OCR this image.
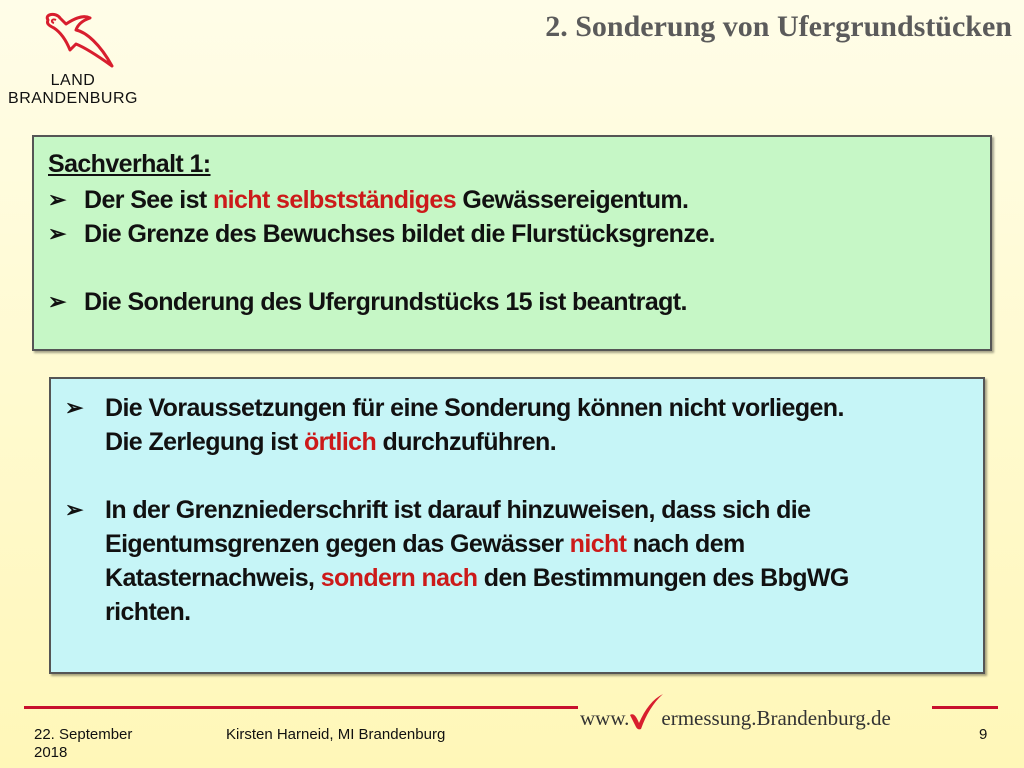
LAND
BRANDENBURG
2. Sonderung von Ufergrundstücken
Sachverhalt 1:
➢ Der See ist nicht selbstständiges Gewässereigentum.
➢ Die Grenze des Bewuchses bildet die Flurstücksgrenze.
➢ Die Sonderung des Ufergrundstücks 15 ist beantragt.
➢ Die Voraussetzungen für eine Sonderung können nicht vorliegen.
Die Zerlegung ist örtlich durchzuführen.
➢ In der Grenzniederschrift ist darauf hinzuweisen, dass sich die
Eigentumsgrenzen gegen das Gewässer nicht nach dem
Katasternachweis, sondern nach den Bestimmungen des BbgWG
richten.
www. ermessung.Brandenburg.de
22. September
2018
Kirsten Harneid, MI Brandenburg	9
